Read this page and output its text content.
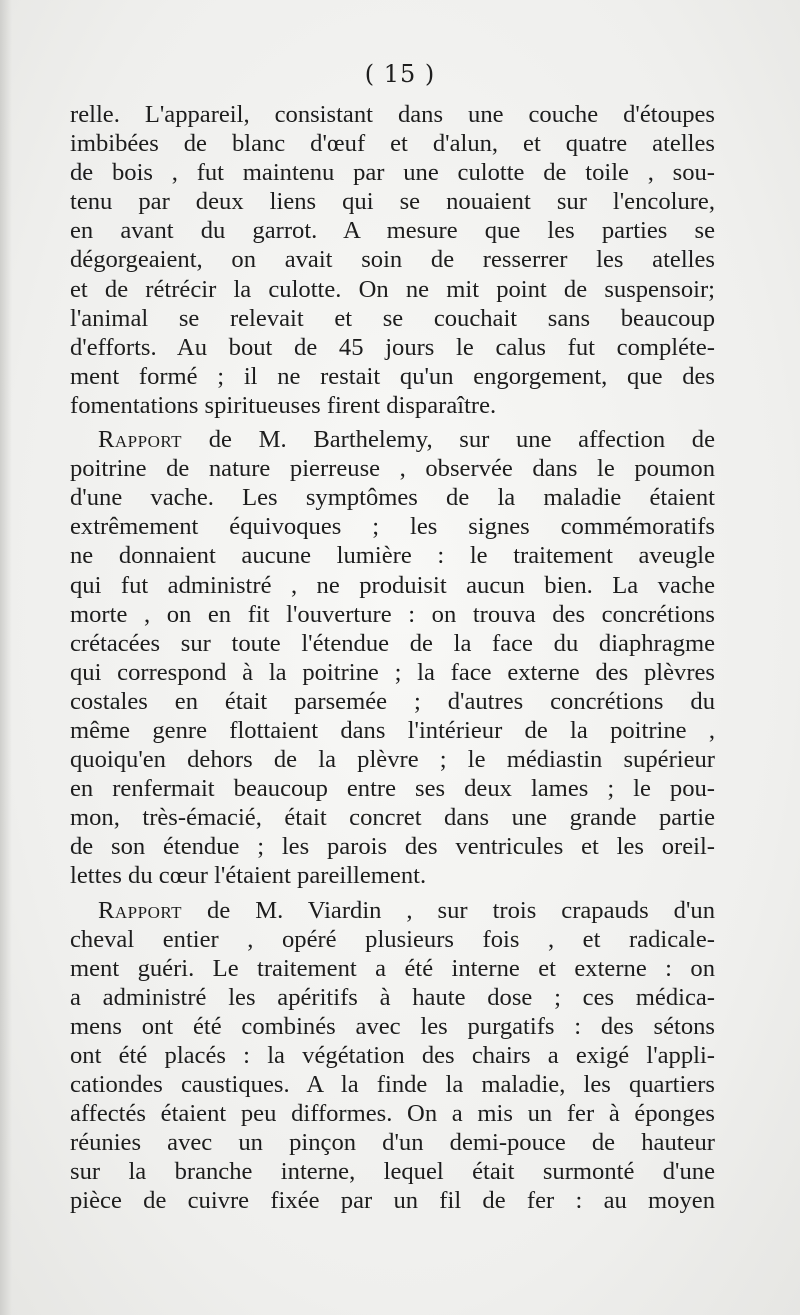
( 15 )
relle. L'appareil, consistant dans une couche d'étoupes
imbibées de blanc d'œuf et d'alun, et quatre atelles
de bois , fut maintenu par une culotte de toile , sou-
tenu par deux liens qui se nouaient sur l'encolure,
en avant du garrot. A mesure que les parties se
dégorgeaient, on avait soin de resserrer les atelles
et de rétrécir la culotte. On ne mit point de suspensoir;
l'animal se relevait et se couchait sans beaucoup
d'efforts. Au bout de 45 jours le calus fut compléte-
ment formé ; il ne restait qu'un engorgement, que des
fomentations spiritueuses firent disparaître.
Rapport de M. Barthelemy, sur une affection de
poitrine de nature pierreuse , observée dans le poumon
d'une vache. Les symptômes de la maladie étaient
extrêmement équivoques ; les signes commémoratifs
ne donnaient aucune lumière : le traitement aveugle
qui fut administré , ne produisit aucun bien. La vache
morte , on en fit l'ouverture : on trouva des concrétions
crétacées sur toute l'étendue de la face du diaphragme
qui correspond à la poitrine ; la face externe des plèvres
costales en était parsemée ; d'autres concrétions du
même genre flottaient dans l'intérieur de la poitrine ,
quoiqu'en dehors de la plèvre ; le médiastin supérieur
en renfermait beaucoup entre ses deux lames ; le pou-
mon, très-émacié, était concret dans une grande partie
de son étendue ; les parois des ventricules et les oreil-
lettes du cœur l'étaient pareillement.
Rapport de M. Viardin , sur trois crapauds d'un
cheval entier , opéré plusieurs fois , et radicale-
ment guéri. Le traitement a été interne et externe : on
a administré les apéritifs à haute dose ; ces médica-
mens ont été combinés avec les purgatifs : des sétons
ont été placés : la végétation des chairs a exigé l'appli-
cationdes caustiques. A la finde la maladie, les quartiers
affectés étaient peu difformes. On a mis un fer à éponges
réunies avec un pinçon d'un demi-pouce de hauteur
sur la branche interne, lequel était surmonté d'une
pièce de cuivre fixée par un fil de fer : au moyen
